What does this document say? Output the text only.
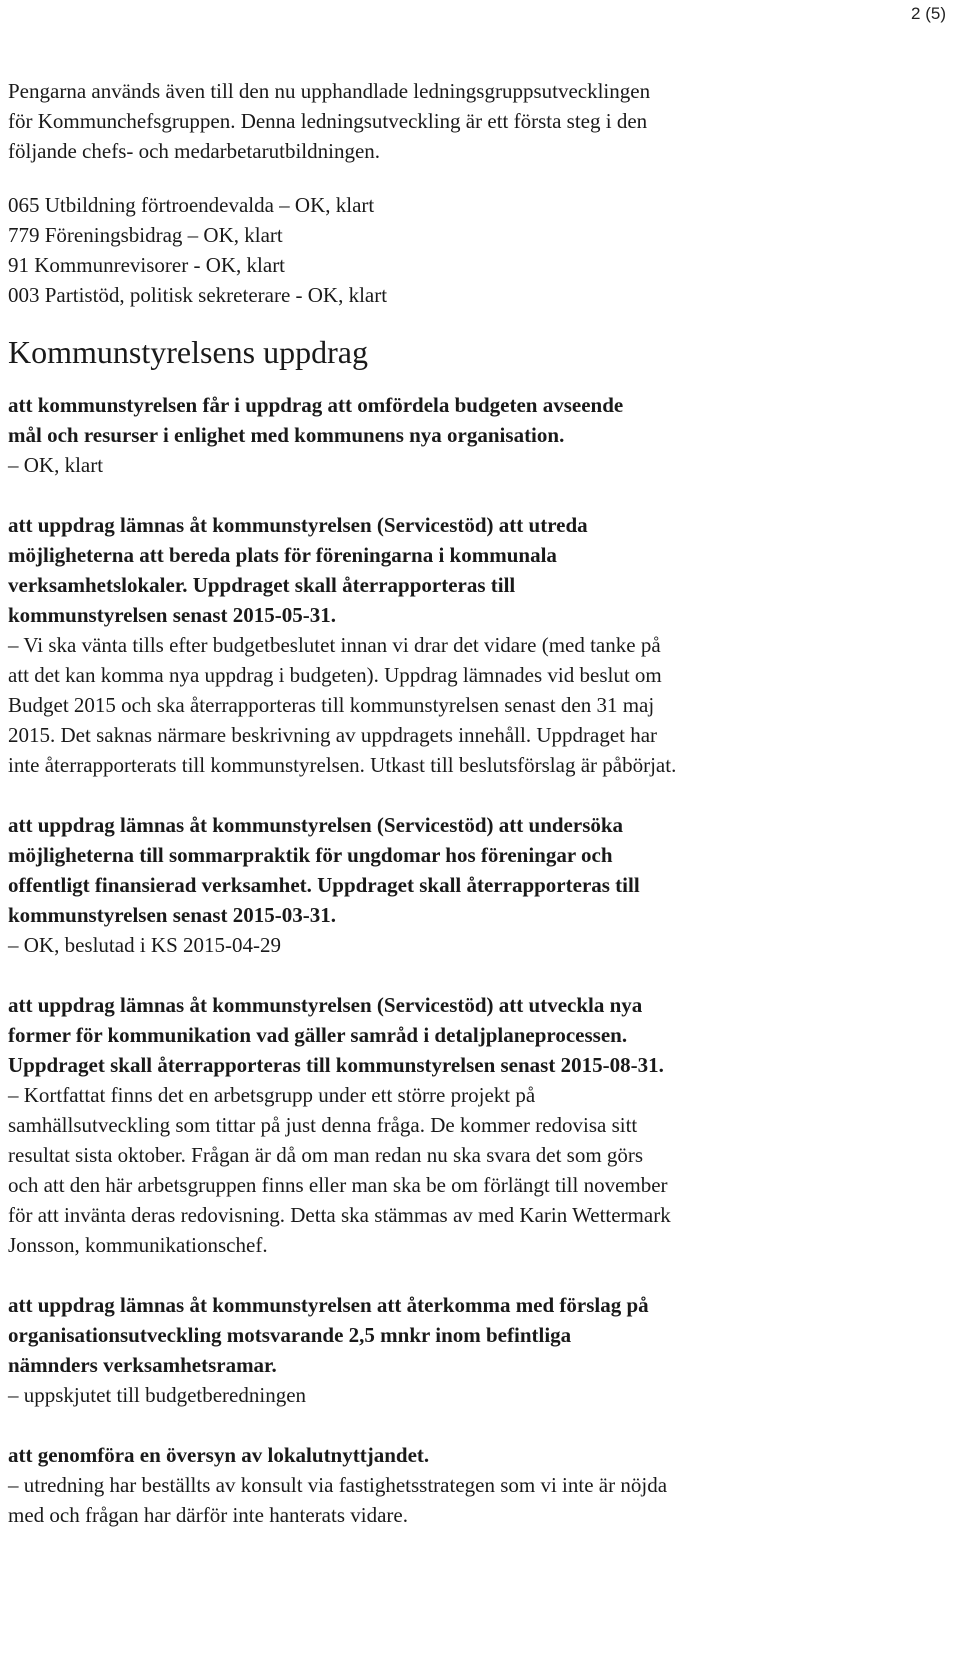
2 (5)

Pengarna används även till den nu upphandlade ledningsgruppsutvecklingen
för Kommunchefsgruppen. Denna ledningsutveckling är ett första steg i den
följande chefs- och medarbetarutbildningen.

065 Utbildning förtroendevalda – OK, klart
779 Föreningsbidrag – OK, klart
91 Kommunrevisorer - OK, klart
003 Partistöd, politisk sekreterare - OK, klart
Kommunstyrelsens uppdrag
att kommunstyrelsen får i uppdrag att omfördela budgeten avseende
mål och resurser i enlighet med kommunens nya organisation.
– OK, klart
att uppdrag lämnas åt kommunstyrelsen (Servicestöd) att utreda
möjligheterna att bereda plats för föreningarna i kommunala
verksamhetslokaler. Uppdraget skall återrapporteras till
kommunstyrelsen senast 2015-05-31.
– Vi ska vänta tills efter budgetbeslutet innan vi drar det vidare (med tanke på
att det kan komma nya uppdrag i budgeten). Uppdrag lämnades vid beslut om
Budget 2015 och ska återrapporteras till kommunstyrelsen senast den 31 maj
2015. Det saknas närmare beskrivning av uppdragets innehåll. Uppdraget har
inte återrapporterats till kommunstyrelsen. Utkast till beslutsförslag är påbörjat.
att uppdrag lämnas åt kommunstyrelsen (Servicestöd) att undersöka
möjligheterna till sommarpraktik för ungdomar hos föreningar och
offentligt finansierad verksamhet. Uppdraget skall återrapporteras till
kommunstyrelsen senast 2015-03-31.
– OK, beslutad i KS 2015-04-29
att uppdrag lämnas åt kommunstyrelsen (Servicestöd) att utveckla nya
former för kommunikation vad gäller samråd i detaljplaneprocessen.
Uppdraget skall återrapporteras till kommunstyrelsen senast 2015-08-31.
– Kortfattat finns det en arbetsgrupp under ett större projekt på
samhällsutveckling som tittar på just denna fråga. De kommer redovisa sitt
resultat sista oktober. Frågan är då om man redan nu ska svara det som görs
och att den här arbetsgruppen finns eller man ska be om förlängt till november
för att invänta deras redovisning. Detta ska stämmas av med Karin Wettermark
Jonsson, kommunikationschef.
att uppdrag lämnas åt kommunstyrelsen att återkomma med förslag på
organisationsutveckling motsvarande 2,5 mnkr inom befintliga
nämnders verksamhetsramar.
– uppskjutet till budgetberedningen
att genomföra en översyn av lokalutnyttjandet.
– utredning har beställts av konsult via fastighetsstrategen som vi inte är nöjda
med och frågan har därför inte hanterats vidare.
